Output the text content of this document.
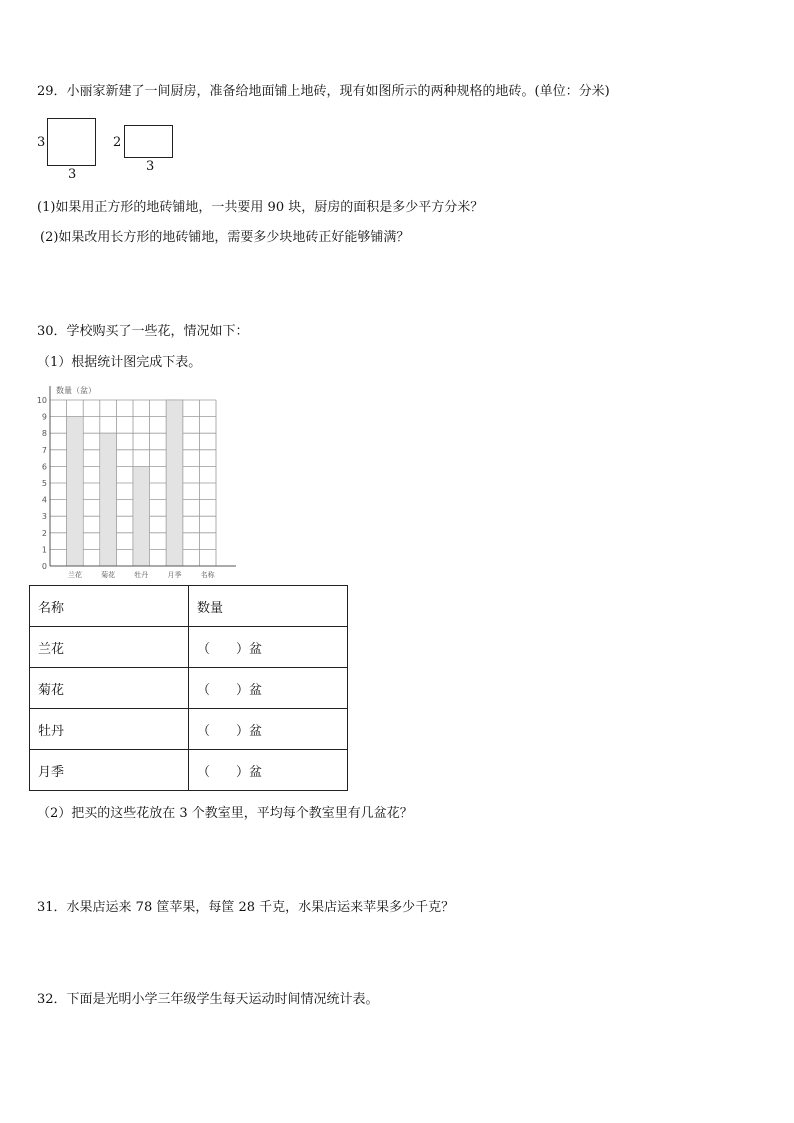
29．小丽家新建了一间厨房，准备给地面铺上地砖，现有如图所示的两种规格的地砖。(单位：分米)
3
3
2
3
(1)如果用正方形的地砖铺地，一共要用 90 块，厨房的面积是多少平方分米？
(2)如果改用长方形的地砖铺地，需要多少块地砖正好能够铺满？
30．学校购买了一些花，情况如下：
（1）根据统计图完成下表。
0
1
2
3
4
5
6
7
8
9
10
数量（盆）
兰花	菊花	牡丹	月季	名称
名称	数量
兰花	（　　）盆
菊花	（　　）盆
牡丹	（　　）盆
月季	（　　）盆
（2）把买的这些花放在 3 个教室里，平均每个教室里有几盆花？
31．水果店运来 78 筐苹果，每筐 28 千克，水果店运来苹果多少千克？
32．下面是光明小学三年级学生每天运动时间情况统计表。
